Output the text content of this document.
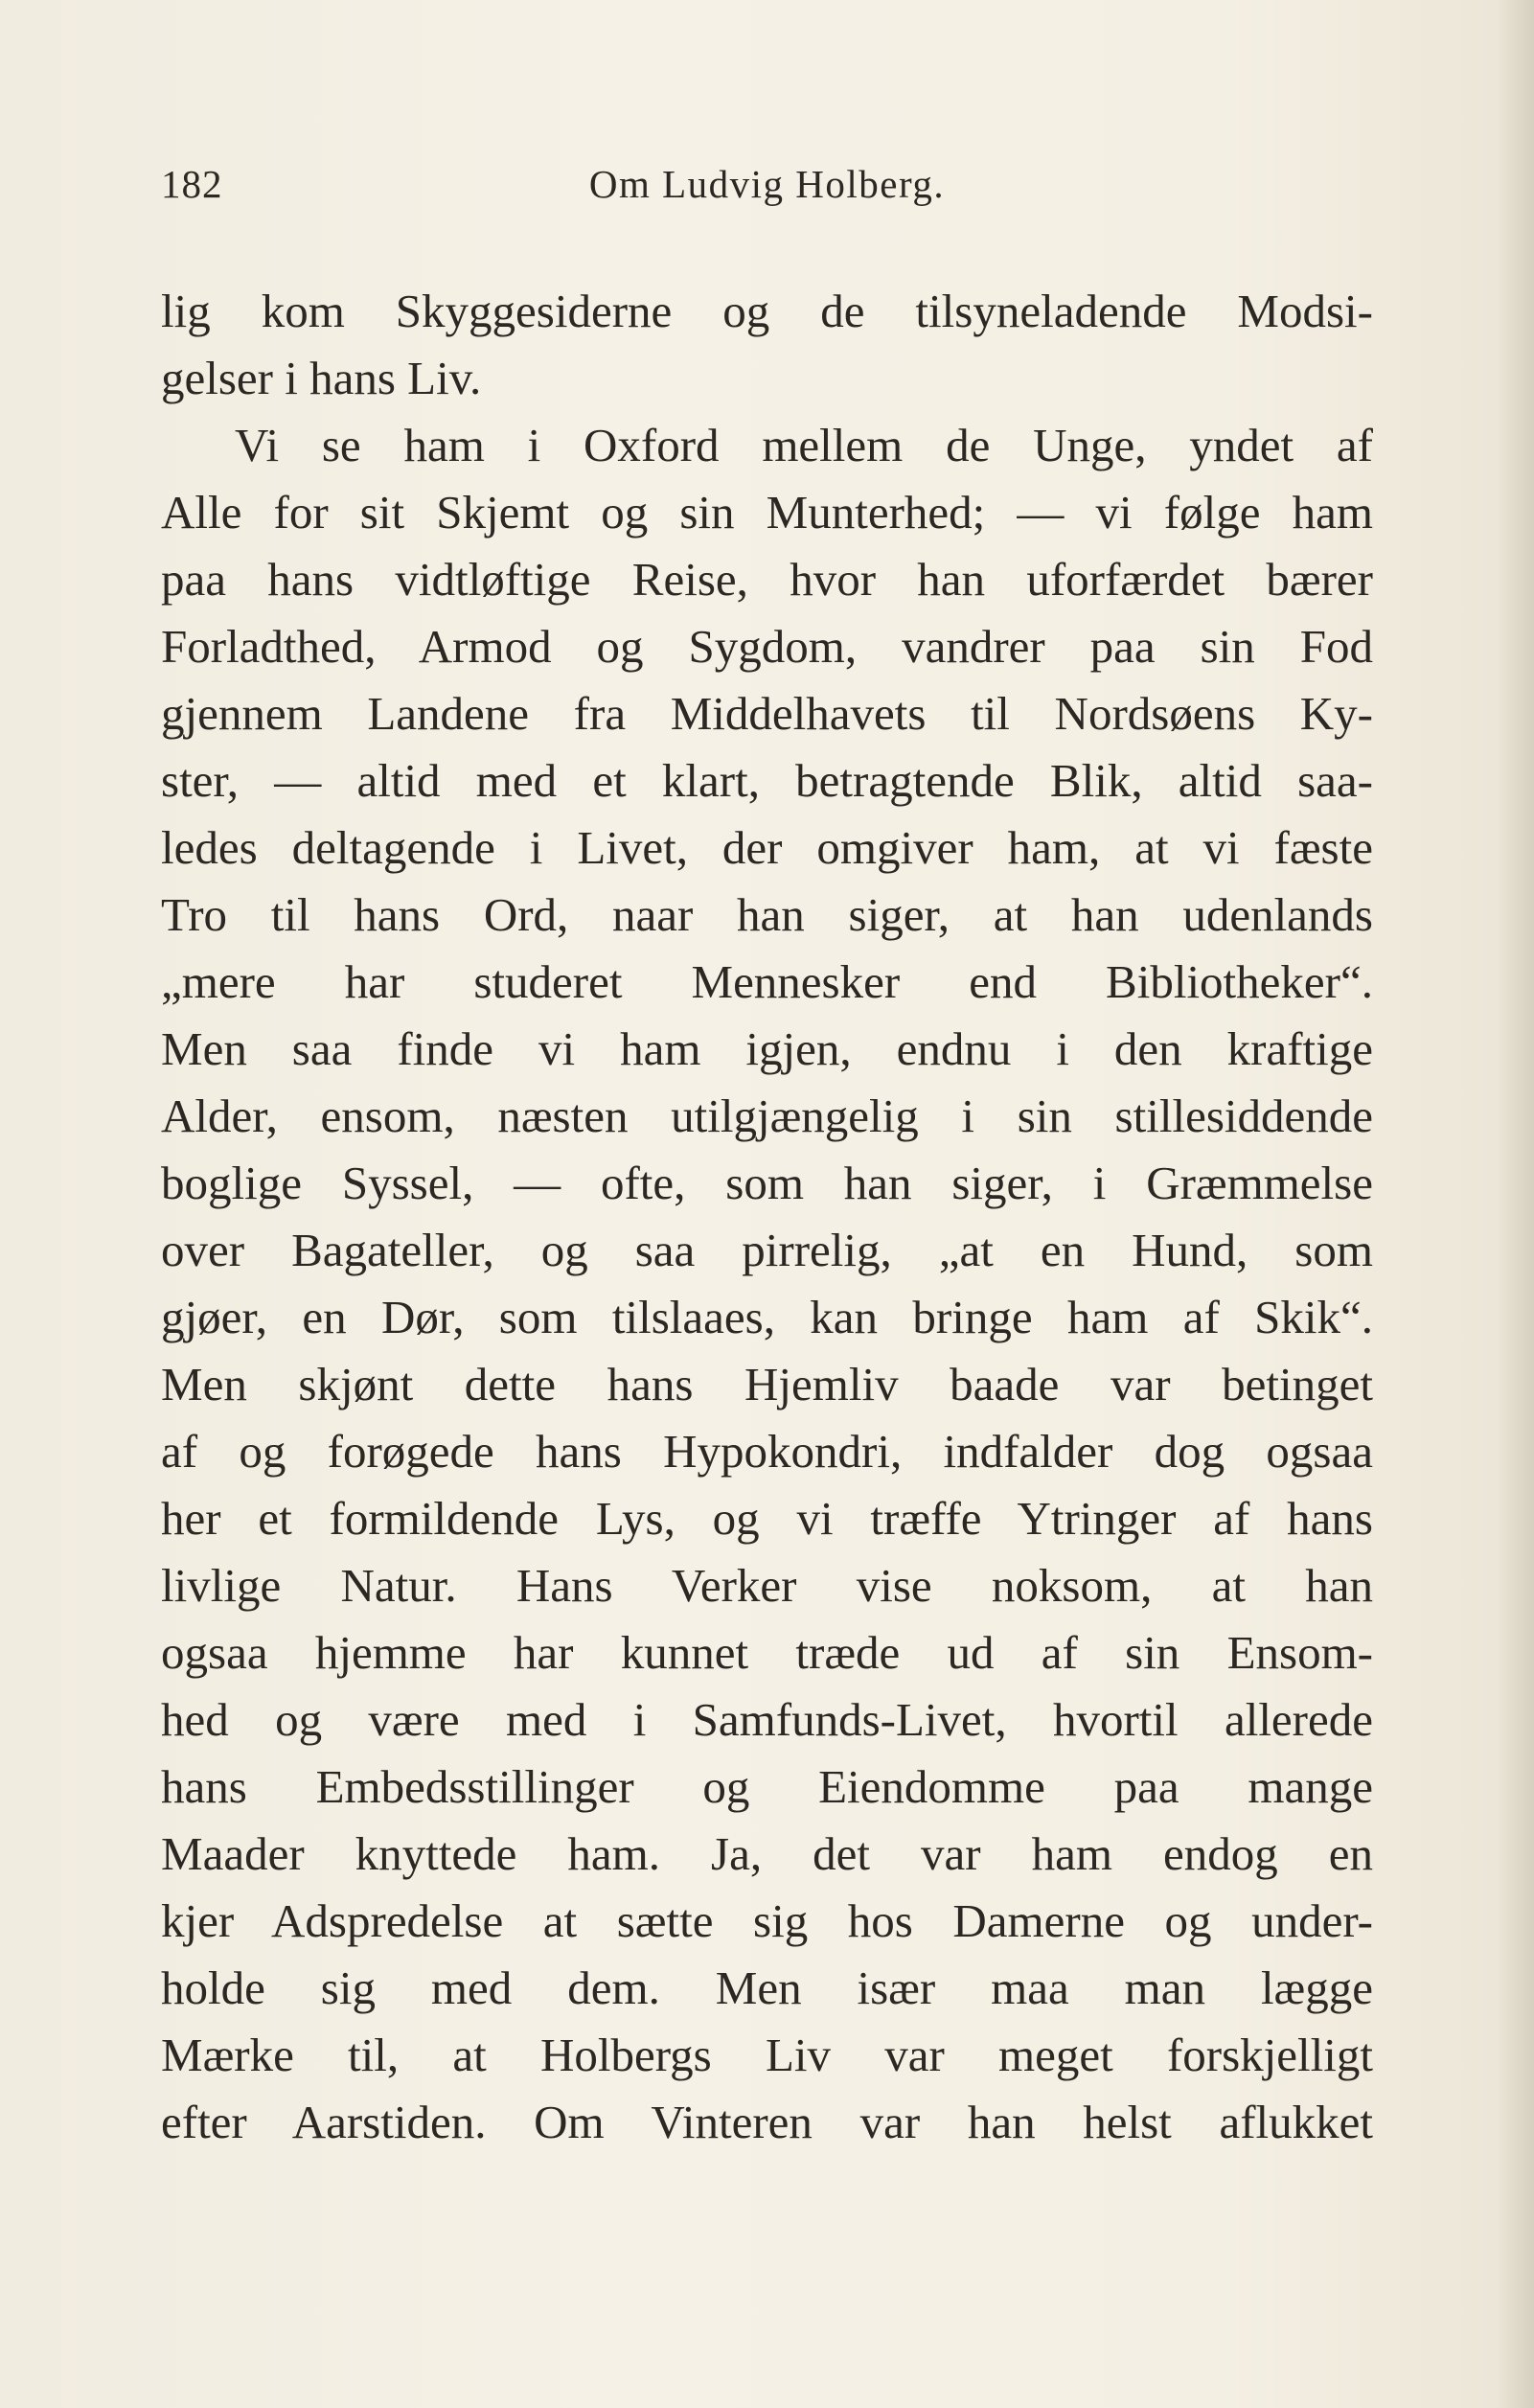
182	Om Ludvig Holberg.
lig kom Skyggesiderne og de tilsyneladende Modsi-
gelser i hans Liv.
Vi se ham i Oxford mellem de Unge, yndet af
Alle for sit Skjemt og sin Munterhed; — vi følge ham
paa hans vidtløftige Reise, hvor han uforfærdet bærer
Forladthed, Armod og Sygdom, vandrer paa sin Fod
gjennem Landene fra Middelhavets til Nordsøens Ky-
ster, — altid med et klart, betragtende Blik, altid saa-
ledes deltagende i Livet, der omgiver ham, at vi fæste
Tro til hans Ord, naar han siger, at han udenlands
„mere har studeret Mennesker end Bibliotheker“.
Men saa finde vi ham igjen, endnu i den kraftige
Alder, ensom, næsten utilgjængelig i sin stillesiddende
boglige Syssel, — ofte, som han siger, i Græmmelse
over Bagateller, og saa pirrelig, „at en Hund, som
gjøer, en Dør, som tilslaaes, kan bringe ham af Skik“.
Men skjønt dette hans Hjemliv baade var betinget
af og forøgede hans Hypokondri, indfalder dog ogsaa
her et formildende Lys, og vi træffe Ytringer af hans
livlige Natur. Hans Verker vise noksom, at han
ogsaa hjemme har kunnet træde ud af sin Ensom-
hed og være med i Samfunds-Livet, hvortil allerede
hans Embedsstillinger og Eiendomme paa mange
Maader knyttede ham. Ja, det var ham endog en
kjer Adspredelse at sætte sig hos Damerne og under-
holde sig med dem. Men især maa man lægge
Mærke til, at Holbergs Liv var meget forskjelligt
efter Aarstiden. Om Vinteren var han helst aflukket
